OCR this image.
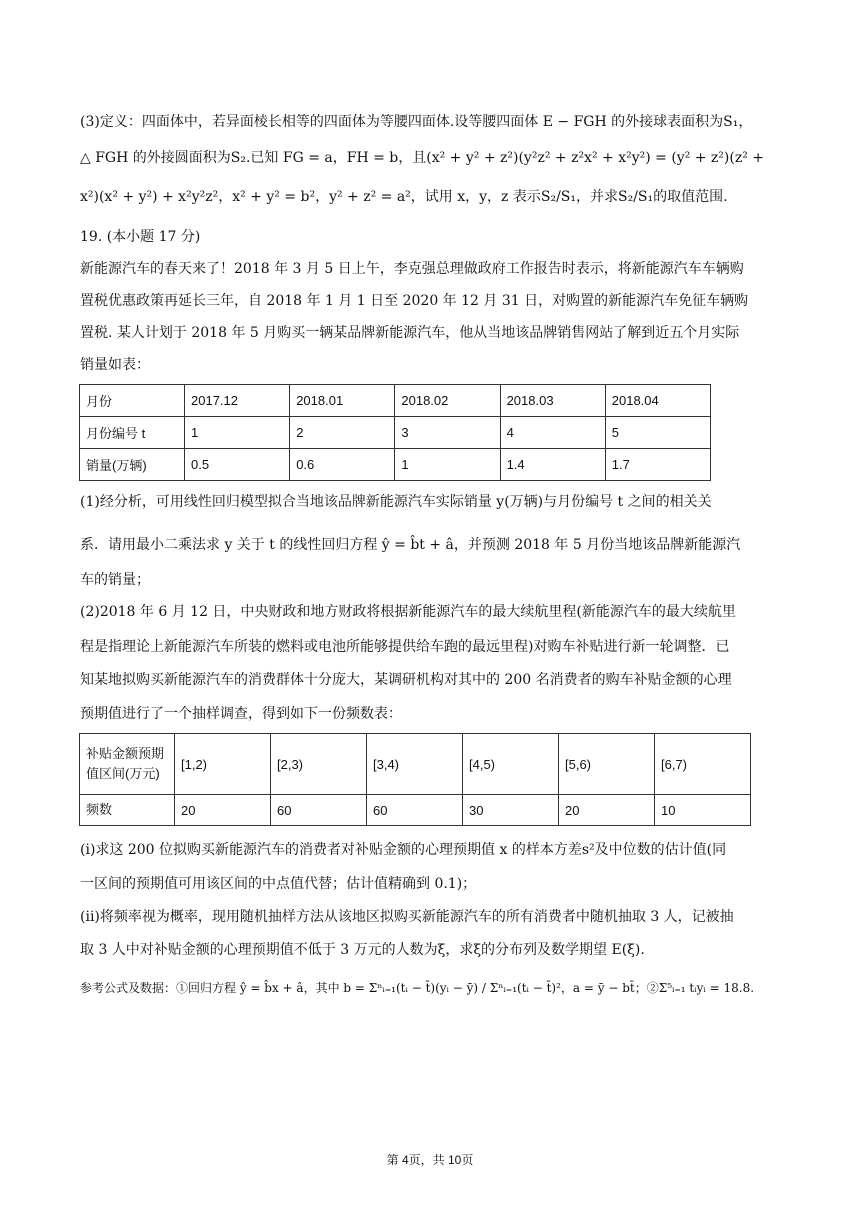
(3)定义：四面体中，若异面棱长相等的四面体为等腰四面体.设等腰四面体 E − FGH 的外接球表面积为S₁，
△ FGH 的外接圆面积为S₂.已知 FG = a，FH = b，且(x² + y² + z²)(y²z² + z²x² + x²y²) = (y² + z²)(z² +
x²)(x² + y²) + x²y²z²，x² + y² = b²，y² + z² = a²，试用 x，y，z 表示S₂/S₁，并求S₂/S₁的取值范围.
19. (本小题 17 分)
新能源汽车的春天来了！2018 年 3 月 5 日上午，李克强总理做政府工作报告时表示，将新能源汽车车辆购
置税优惠政策再延长三年，自 2018 年 1 月 1 日至 2020 年 12 月 31 日，对购置的新能源汽车免征车辆购
置税. 某人计划于 2018 年 5 月购买一辆某品牌新能源汽车，他从当地该品牌销售网站了解到近五个月实际
销量如表：
月份	2017.12	2018.01	2018.02	2018.03	2018.04
月份编号 t	1	2	3	4	5
销量(万辆)	0.5	0.6	1	1.4	1.7
(1)经分析，可用线性回归模型拟合当地该品牌新能源汽车实际销量 y(万辆)与月份编号 t 之间的相关关
系．请用最小二乘法求 y 关于 t 的线性回归方程 ŷ = b̂t + â，并预测 2018 年 5 月份当地该品牌新能源汽
车的销量；
(2)2018 年 6 月 12 日，中央财政和地方财政将根据新能源汽车的最大续航里程(新能源汽车的最大续航里
程是指理论上新能源汽车所装的燃料或电池所能够提供给车跑的最远里程)对购车补贴进行新一轮调整．已
知某地拟购买新能源汽车的消费群体十分庞大，某调研机构对其中的 200 名消费者的购车补贴金额的心理
预期值进行了一个抽样调查，得到如下一份频数表：
补贴金额预期值区间(万元)	[1,2)	[2,3)	[3,4)	[4,5)	[5,6)	[6,7)
频数	20	60	60	30	20	10
(i)求这 200 位拟购买新能源汽车的消费者对补贴金额的心理预期值 x 的样本方差s²及中位数的估计值(同
一区间的预期值可用该区间的中点值代替；估计值精确到 0.1)；
(ii)将频率视为概率，现用随机抽样方法从该地区拟购买新能源汽车的所有消费者中随机抽取 3 人，记被抽
取 3 人中对补贴金额的心理预期值不低于 3 万元的人数为ξ，求ξ的分布列及数学期望 E(ξ).
参考公式及数据：①回归方程 ŷ = b̂x + â，其中 b = Σⁿᵢ₌₁(tᵢ − t̄)(yᵢ − ȳ) / Σⁿᵢ₌₁(tᵢ − t̄)²，a = ȳ − bt̄；②Σ⁵ᵢ₌₁ tᵢyᵢ = 18.8.
第 4页，共 10页
